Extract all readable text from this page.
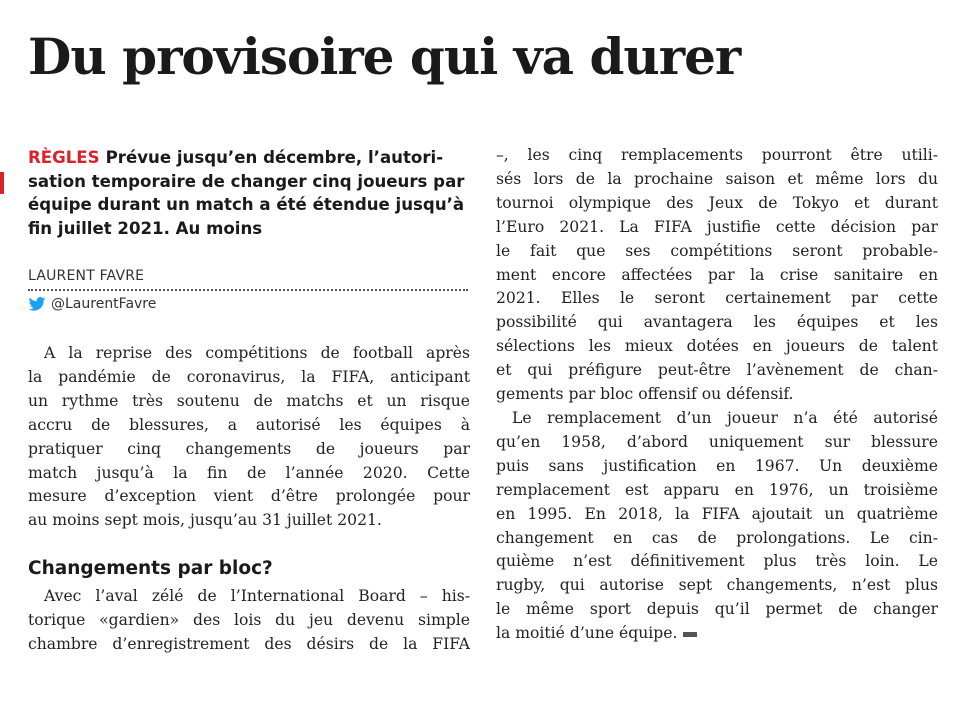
Du provisoire qui va durer
RÈGLES Prévue jusqu’en décembre, l’autori-
sation temporaire de changer cinq joueurs par
équipe durant un match a été étendue jusqu’à
fin juillet 2021. Au moins
LAURENT FAVRE
@LaurentFavre
A la reprise des compétitions de football après
la pandémie de coronavirus, la FIFA, anticipant
un rythme très soutenu de matchs et un risque
accru de blessures, a autorisé les équipes à
pratiquer cinq changements de joueurs par
match jusqu’à la fin de l’année 2020. Cette
mesure d’exception vient d’être prolongée pour
au moins sept mois, jusqu’au 31 juillet 2021.
Changements par bloc?
Avec l’aval zélé de l’International Board – his-
torique «gardien» des lois du jeu devenu simple
chambre d’enregistrement des désirs de la FIFA
–, les cinq remplacements pourront être utili-
sés lors de la prochaine saison et même lors du
tournoi olympique des Jeux de Tokyo et durant
l’Euro 2021. La FIFA justifie cette décision par
le fait que ses compétitions seront probable-
ment encore affectées par la crise sanitaire en
2021. Elles le seront certainement par cette
possibilité qui avantagera les équipes et les
sélections les mieux dotées en joueurs de talent
et qui préfigure peut-être l’avènement de chan-
gements par bloc offensif ou défensif.
Le remplacement d’un joueur n’a été autorisé
qu’en 1958, d’abord uniquement sur blessure
puis sans justification en 1967. Un deuxième
remplacement est apparu en 1976, un troisième
en 1995. En 2018, la FIFA ajoutait un quatrième
changement en cas de prolongations. Le cin-
quième n’est définitivement plus très loin. Le
rugby, qui autorise sept changements, n’est plus
le même sport depuis qu’il permet de changer
la moitié d’une équipe.
